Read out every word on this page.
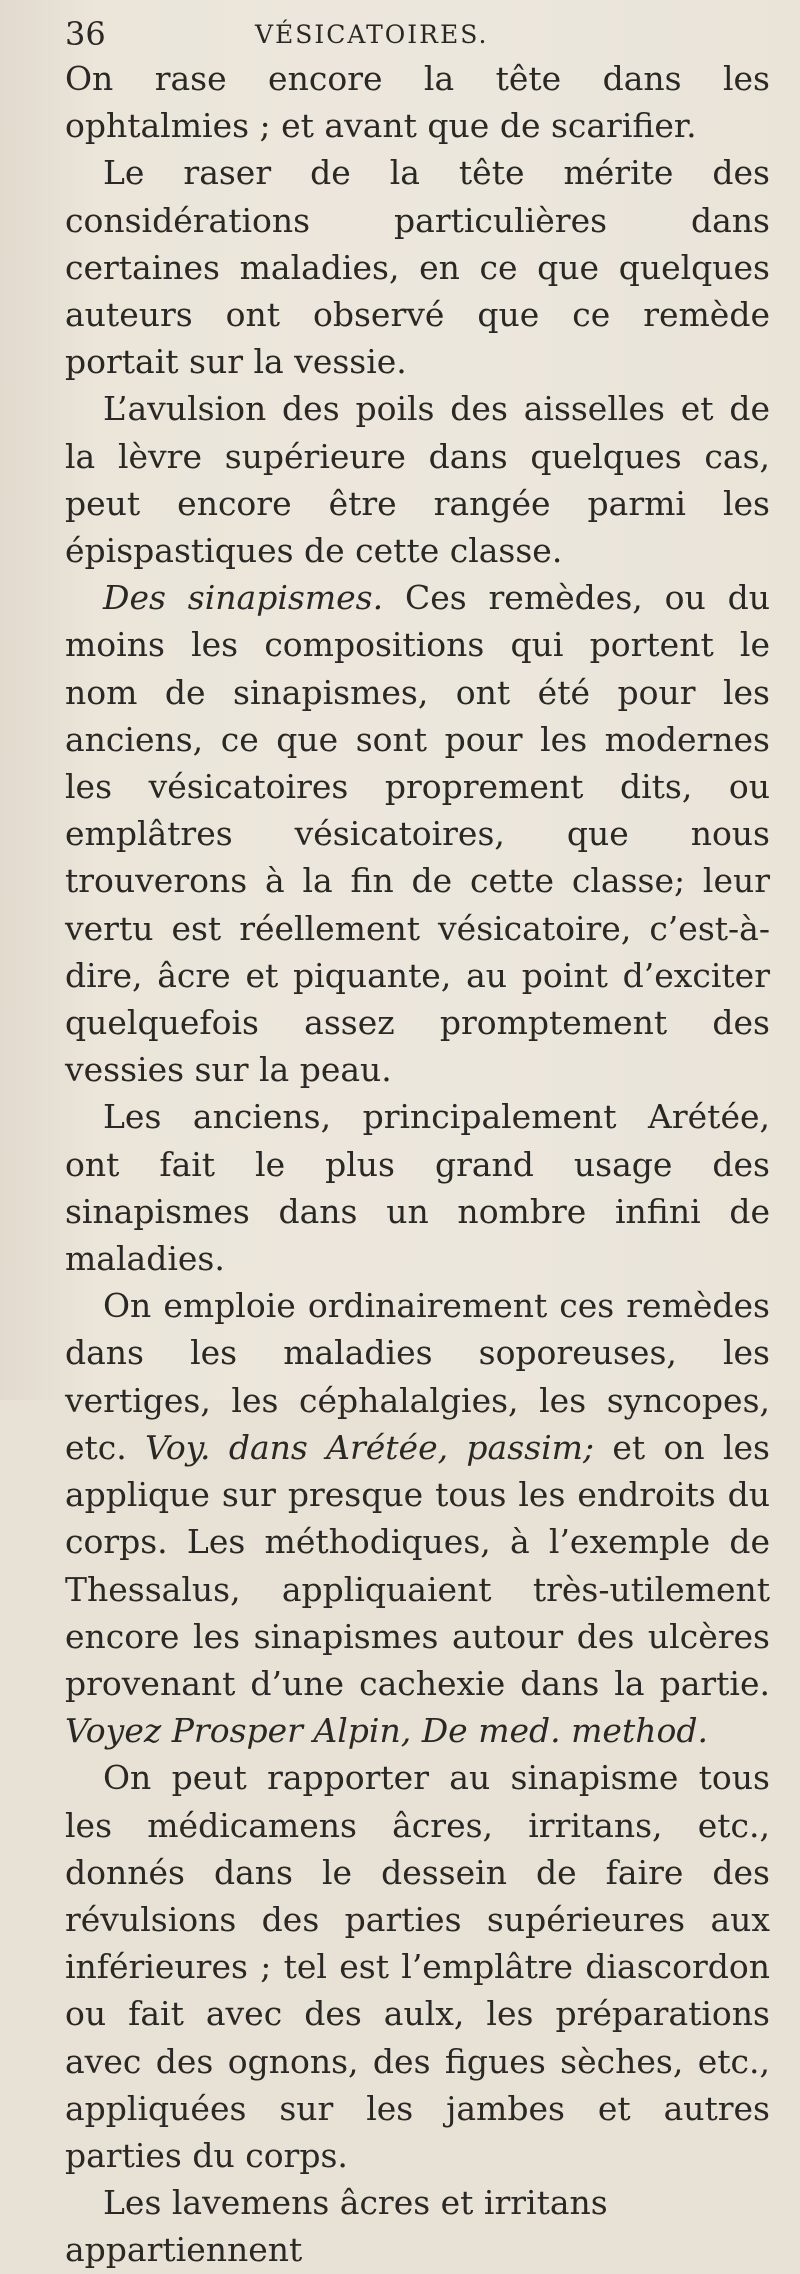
36	VÉSICATOIRES.

On rase encore la tête dans les ophtalmies ; et avant que de scarifier.

Le raser de la tête mérite des considérations particulières dans certaines maladies, en ce que quelques auteurs ont observé que ce remède portait sur la vessie.

L’avulsion des poils des aisselles et de la lèvre supérieure dans quelques cas, peut encore être rangée parmi les épispastiques de cette classe.

Des sinapismes. Ces remèdes, ou du moins les compositions qui portent le nom de sinapismes, ont été pour les anciens, ce que sont pour les modernes les vésicatoires proprement dits, ou emplâtres vésicatoires, que nous trouverons à la fin de cette classe; leur vertu est réellement vésicatoire, c’est-à-dire, âcre et piquante, au point d’exciter quelquefois assez promptement des vessies sur la peau.

Les anciens, principalement Arétée, ont fait le plus grand usage des sinapismes dans un nombre infini de maladies.

On emploie ordinairement ces remèdes dans les maladies soporeuses, les vertiges, les céphalalgies, les syncopes, etc. Voy. dans Arétée, passim; et on les applique sur presque tous les endroits du corps. Les méthodiques, à l’exemple de Thessalus, appliquaient très-utilement encore les sinapismes autour des ulcères provenant d’une cachexie dans la partie. Voyez Prosper Alpin, De med. method.

On peut rapporter au sinapisme tous les médicamens âcres, irritans, etc., donnés dans le dessein de faire des révulsions des parties supérieures aux inférieures ; tel est l’emplâtre diascordon ou fait avec des aulx, les préparations avec des ognons, des figues sèches, etc., appliquées sur les jambes et autres parties du corps.

Les lavemens âcres et irritans appartiennent
